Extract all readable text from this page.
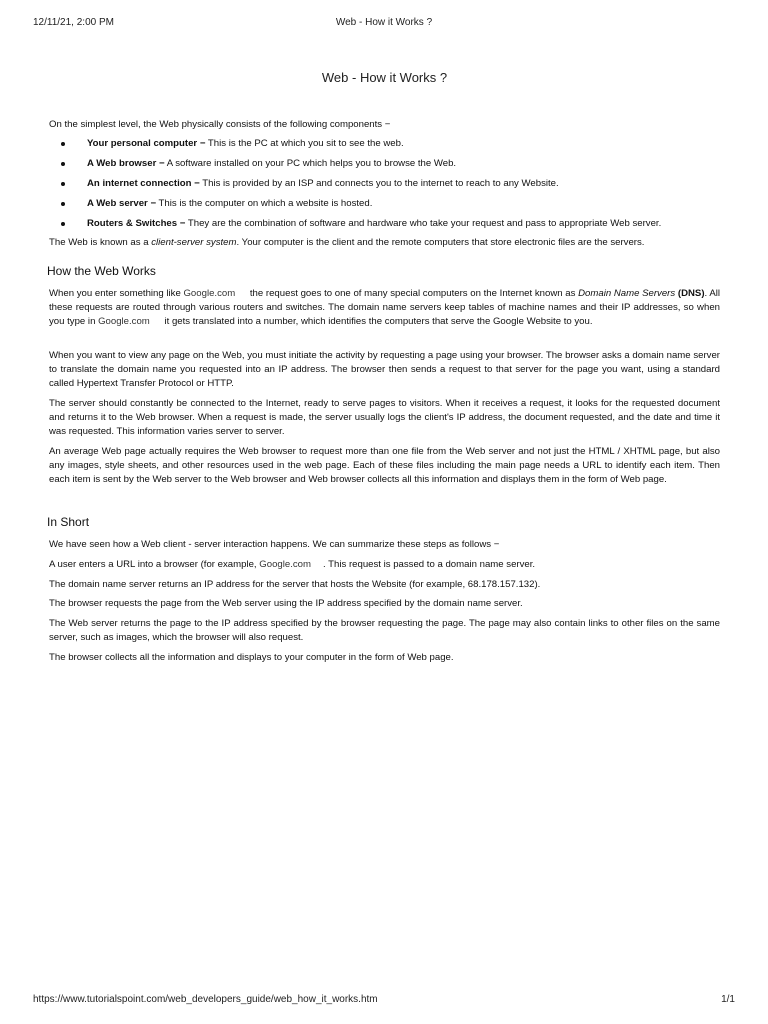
12/11/21, 2:00 PM	Web - How it Works ?
Web - How it Works ?

On the simplest level, the Web physically consists of the following components −

Your personal computer − This is the PC at which you sit to see the web.
A Web browser − A software installed on your PC which helps you to browse the Web.
An internet connection − This is provided by an ISP and connects you to the internet to reach to any Website.
A Web server − This is the computer on which a website is hosted.
Routers & Switches − They are the combination of software and hardware who take your request and pass to appropriate Web server.

The Web is known as a client-server system. Your computer is the client and the remote computers that store electronic files are the servers.

How the Web Works

When you enter something like Google.com the request goes to one of many special computers on the Internet known as Domain Name Servers (DNS). All these requests are routed through various routers and switches. The domain name servers keep tables of machine names and their IP addresses, so when you type in Google.com it gets translated into a number, which identifies the computers that serve the Google Website to you.

When you want to view any page on the Web, you must initiate the activity by requesting a page using your browser. The browser asks a domain name server to translate the domain name you requested into an IP address. The browser then sends a request to that server for the page you want, using a standard called Hypertext Transfer Protocol or HTTP.

The server should constantly be connected to the Internet, ready to serve pages to visitors. When it receives a request, it looks for the requested document and returns it to the Web browser. When a request is made, the server usually logs the client's IP address, the document requested, and the date and time it was requested. This information varies server to server.

An average Web page actually requires the Web browser to request more than one file from the Web server and not just the HTML / XHTML page, but also any images, style sheets, and other resources used in the web page. Each of these files including the main page needs a URL to identify each item. Then each item is sent by the Web server to the Web browser and Web browser collects all this information and displays them in the form of Web page.

In Short

We have seen how a Web client - server interaction happens. We can summarize these steps as follows −

A user enters a URL into a browser (for example, Google.com . This request is passed to a domain name server.

The domain name server returns an IP address for the server that hosts the Website (for example, 68.178.157.132).

The browser requests the page from the Web server using the IP address specified by the domain name server.

The Web server returns the page to the IP address specified by the browser requesting the page. The page may also contain links to other files on the same server, such as images, which the browser will also request.

The browser collects all the information and displays to your computer in the form of Web page.

https://www.tutorialspoint.com/web_developers_guide/web_how_it_works.htm	1/1
